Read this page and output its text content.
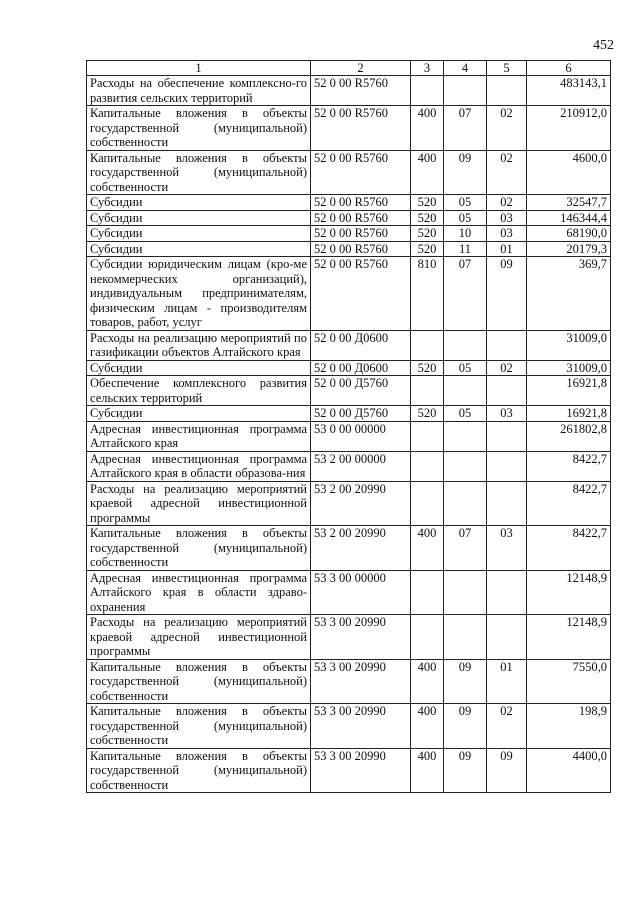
452
1	2	3	4	5	6
Расходы на обеспечение комплексно-го развития сельских территорий	52 0 00 R5760				483143,1
Капитальные вложения в объекты государственной (муниципальной) собственности	52 0 00 R5760	400	07	02	210912,0
Капитальные вложения в объекты государственной (муниципальной) собственности	52 0 00 R5760	400	09	02	4600,0
Субсидии	52 0 00 R5760	520	05	02	32547,7
Субсидии	52 0 00 R5760	520	05	03	146344,4
Субсидии	52 0 00 R5760	520	10	03	68190,0
Субсидии	52 0 00 R5760	520	11	01	20179,3
Субсидии юридическим лицам (кро-ме некоммерческих организаций), индивидуальным предпринимателям, физическим лицам - производителям товаров, работ, услуг	52 0 00 R5760	810	07	09	369,7
Расходы на реализацию мероприятий по газификации объектов Алтайского края	52 0 00 Д0600				31009,0
Субсидии	52 0 00 Д0600	520	05	02	31009,0
Обеспечение комплексного развития сельских территорий	52 0 00 Д5760				16921,8
Субсидии	52 0 00 Д5760	520	05	03	16921,8
Адресная инвестиционная программа Алтайского края	53 0 00 00000				261802,8
Адресная инвестиционная программа Алтайского края в области образова-ния	53 2 00 00000				8422,7
Расходы на реализацию мероприятий краевой адресной инвестиционной программы	53 2 00 20990				8422,7
Капитальные вложения в объекты государственной (муниципальной) собственности	53 2 00 20990	400	07	03	8422,7
Адресная инвестиционная программа Алтайского края в области здраво-охранения	53 3 00 00000				12148,9
Расходы на реализацию мероприятий краевой адресной инвестиционной программы	53 3 00 20990				12148,9
Капитальные вложения в объекты государственной (муниципальной) собственности	53 3 00 20990	400	09	01	7550,0
Капитальные вложения в объекты государственной (муниципальной) собственности	53 3 00 20990	400	09	02	198,9
Капитальные вложения в объекты государственной (муниципальной) собственности	53 3 00 20990	400	09	09	4400,0
